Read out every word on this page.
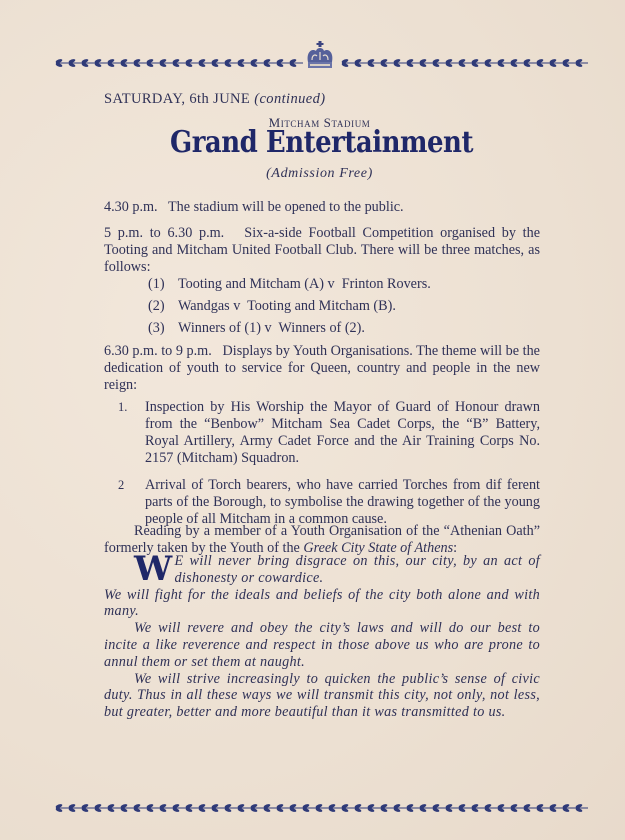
SATURDAY, 6th JUNE (continued)
Mitcham Stadium
Grand Entertainment
(Admission Free)

4.30 p.m.   The stadium will be opened to the public.

5 p.m. to 6.30 p.m.   Six-a-side Football Competition organised by the Tooting and Mitcham United Football Club. There will be three matches, as follows:

(1) Tooting and Mitcham (A) v  Frinton Rovers.
(2) Wandgas v  Tooting and Mitcham (B).
(3) Winners of (1) v  Winners of (2).

6.30 p.m. to 9 p.m.   Displays by Youth Organisations. The theme will be the dedication of youth to service for Queen, country and people in the new reign:

1.	Inspection by His Worship the Mayor of Guard of Honour drawn from the “Benbow” Mitcham Sea Cadet Corps, the “B” Battery, Royal Artillery, Army Cadet Force and the Air Training Corps No. 2157 (Mitcham) Squadron.
2	Arrival of Torch bearers, who have carried Torches from dif ferent parts of the Borough, to symbolise the drawing together of the young people of all Mitcham in a common cause.

Reading by a member of a Youth Organisation of the “Athenian Oath” formerly taken by the Youth of the Greek City State of Athens:

W E will never bring disgrace on this, our city, by an act of dishonesty or cowardice.

We will fight for the ideals and beliefs of the city both alone and with many.

We will revere and obey the city’s laws and will do our best to incite a like reverence and respect in those above us who are prone to annul them or set them at naught.

We will strive increasingly to quicken the public’s sense of civic duty. Thus in all these ways we will transmit this city, not only, not less, but greater, better and more beautiful than it was transmitted to us.
